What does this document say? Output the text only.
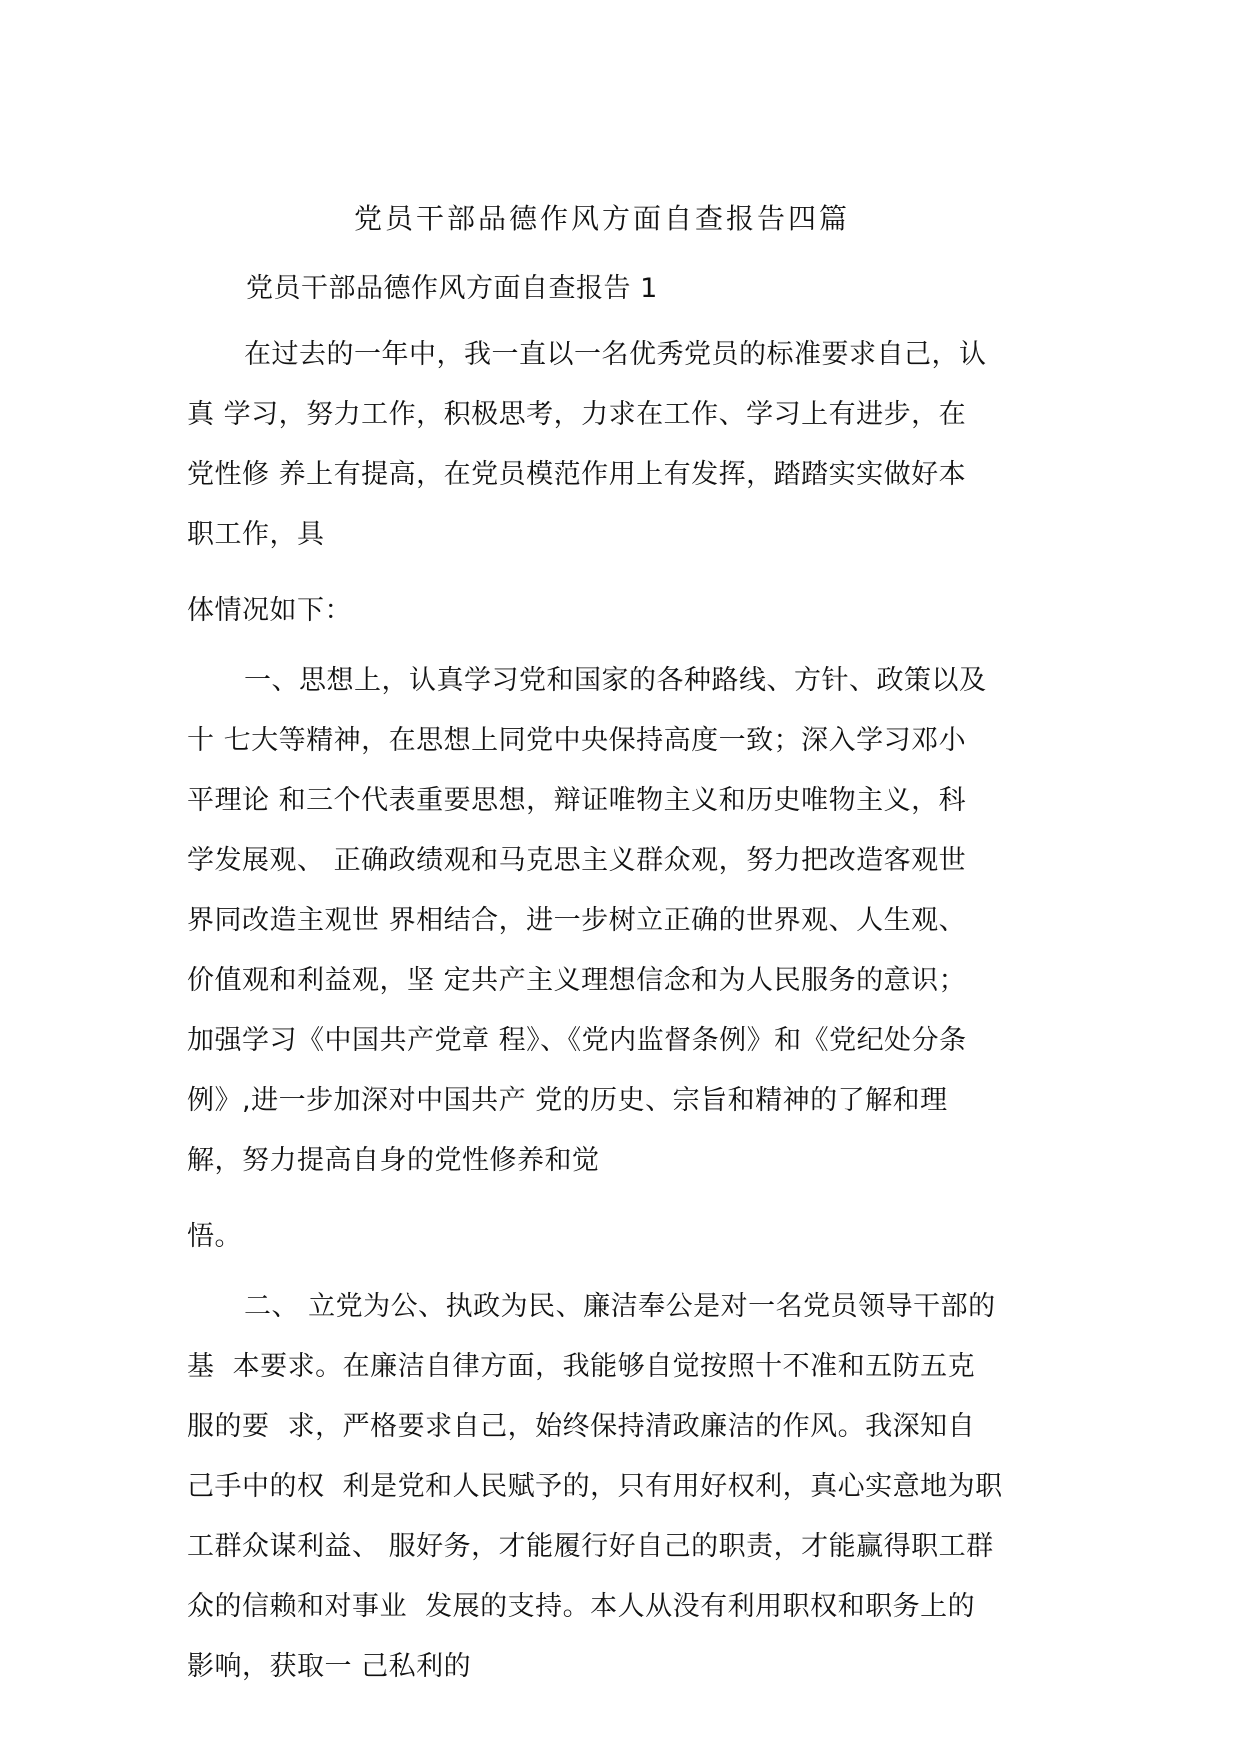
党员干部品德作风方面自查报告四篇
党员干部品德作风方面自查报告 1
在过去的一年中，我一直以一名优秀党员的标准要求自己，认
真 学习，努力工作，积极思考，力求在工作、学习上有进步，在
党性修 养上有提高，在党员模范作用上有发挥，踏踏实实做好本
职工作，具
体情况如下：
一、思想上，认真学习党和国家的各种路线、方针、政策以及
十 七大等精神，在思想上同党中央保持高度一致；深入学习邓小
平理论 和三个代表重要思想，辩证唯物主义和历史唯物主义，科
学发展观、 正确政绩观和马克思主义群众观，努力把改造客观世
界同改造主观世 界相结合，进一步树立正确的世界观、人生观、
价值观和利益观，坚 定共产主义理想信念和为人民服务的意识；
加强学习《中国共产党章 程》、《党内监督条例》和《党纪处分条
例》,进一步加深对中国共产 党的历史、宗旨和精神的了解和理
解，努力提高自身的党性修养和觉
悟。
二、 立党为公、执政为民、廉洁奉公是对一名党员领导干部的
基  本要求。在廉洁自律方面，我能够自觉按照十不准和五防五克
服的要  求，严格要求自己，始终保持清政廉洁的作风。我深知自
己手中的权  利是党和人民赋予的，只有用好权利，真心实意地为职
工群众谋利益、 服好务，才能履行好自己的职责，才能赢得职工群
众的信赖和对事业  发展的支持。本人从没有利用职权和职务上的
影响，获取一 己私利的
